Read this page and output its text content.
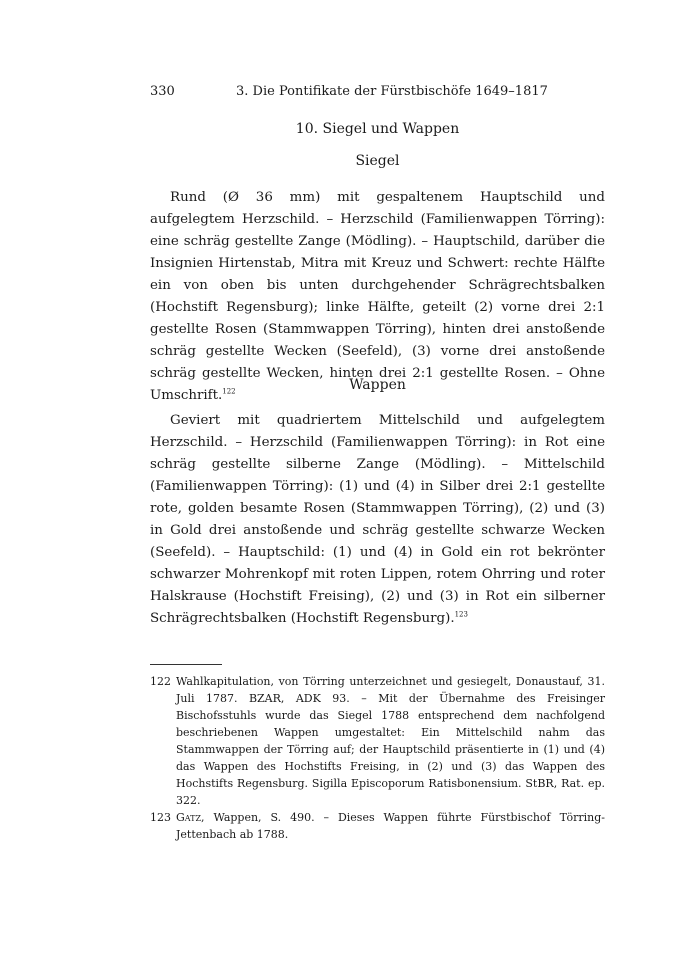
330	3. Die Pontifikate der Fürstbischöfe 1649–1817
10. Siegel und Wappen
Siegel

Rund (Ø 36 mm) mit gespaltenem Hauptschild und aufgelegtem Herzschild. – Herzschild (Familienwappen Törring): eine schräg gestellte Zange (Mödling). – Hauptschild, darüber die Insignien Hirtenstab, Mitra mit Kreuz und Schwert: rechte Hälfte ein von oben bis unten durchgehender Schrägrechtsbalken (Hochstift Regensburg); linke Hälfte, geteilt (2) vorne drei 2:1 gestellte Rosen (Stammwappen Törring), hinten drei anstoßende schräg gestellte Wecken (Seefeld), (3) vorne drei anstoßende schräg gestellte Wecken, hinten drei 2:1 gestellte Rosen. – Ohne Umschrift.$^{122}$	Wappen

Geviert mit quadriertem Mittelschild und aufgelegtem Herzschild. – Herzschild (Familienwappen Törring): in Rot eine schräg gestellte silberne Zange (Mödling). – Mittelschild (Familienwappen Törring): (1) und (4) in Silber drei 2:1 gestellte rote, golden besamte Rosen (Stammwappen Törring), (2) und (3) in Gold drei anstoßende und schräg gestellte schwarze Wecken (Seefeld). – Hauptschild: (1) und (4) in Gold ein rot bekrönter schwarzer Mohrenkopf mit roten Lippen, rotem Ohrring und roter Halskrause (Hochstift Freising), (2) und (3) in Rot ein silberner Schrägrechtsbalken (Hochstift Regensburg).$^{123}$

122 Wahlkapitulation, von Törring unterzeichnet und gesiegelt, Donaustauf, 31. Juli 1787. BZAR, ADK 93. – Mit der Übernahme des Freisinger Bischofsstuhls wurde das Siegel 1788 entsprechend dem nachfolgend beschriebenen Wappen umgestaltet: Ein Mittelschild nahm das Stammwappen der Törring auf; der Hauptschild präsentierte in (1) und (4) das Wappen des Hochstifts Freising, in (2) und (3) das Wappen des Hochstifts Regensburg. Sigilla Episcoporum Ratisbonensium. StBR, Rat. ep. 322.
123 Gatz, Wappen, S. 490. – Dieses Wappen führte Fürstbischof Törring-Jettenbach ab 1788.
